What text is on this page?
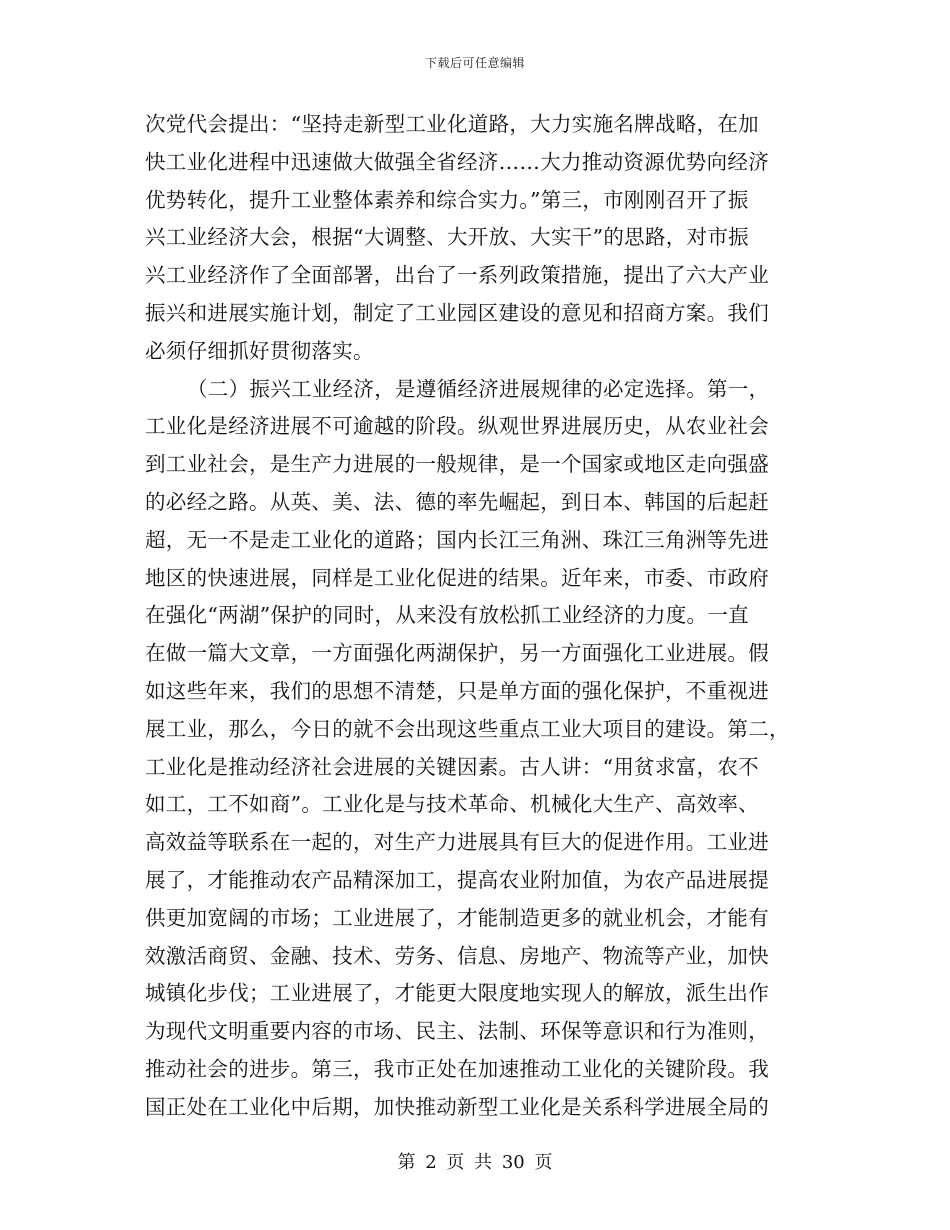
下载后可任意编辑
次党代会提出：“坚持走新型工业化道路，大力实施名牌战略，在加
快工业化进程中迅速做大做强全省经济……大力推动资源优势向经济
优势转化，提升工业整体素养和综合实力。”第三，市刚刚召开了振
兴工业经济大会，根据“大调整、大开放、大实干”的思路，对市振
兴工业经济作了全面部署，出台了一系列政策措施，提出了六大产业
振兴和进展实施计划，制定了工业园区建设的意见和招商方案。我们
必须仔细抓好贯彻落实。
（二）振兴工业经济，是遵循经济进展规律的必定选择。第一，
工业化是经济进展不可逾越的阶段。纵观世界进展历史，从农业社会
到工业社会，是生产力进展的一般规律，是一个国家或地区走向强盛
的必经之路。从英、美、法、德的率先崛起，到日本、韩国的后起赶
超，无一不是走工业化的道路；国内长江三角洲、珠江三角洲等先进
地区的快速进展，同样是工业化促进的结果。近年来，市委、市政府
在强化“两湖”保护的同时，从来没有放松抓工业经济的力度。一直
在做一篇大文章，一方面强化两湖保护，另一方面强化工业进展。假
如这些年来，我们的思想不清楚，只是单方面的强化保护，不重视进
展工业，那么，今日的就不会出现这些重点工业大项目的建设。第二，
工业化是推动经济社会进展的关键因素。古人讲：“用贫求富，农不
如工，工不如商”。工业化是与技术革命、机械化大生产、高效率、
高效益等联系在一起的，对生产力进展具有巨大的促进作用。工业进
展了，才能推动农产品精深加工，提高农业附加值，为农产品进展提
供更加宽阔的市场；工业进展了，才能制造更多的就业机会，才能有
效激活商贸、金融、技术、劳务、信息、房地产、物流等产业，加快
城镇化步伐；工业进展了，才能更大限度地实现人的解放，派生出作
为现代文明重要内容的市场、民主、法制、环保等意识和行为准则，
推动社会的进步。第三，我市正处在加速推动工业化的关键阶段。我
国正处在工业化中后期，加快推动新型工业化是关系科学进展全局的
第 2 页 共 30 页
